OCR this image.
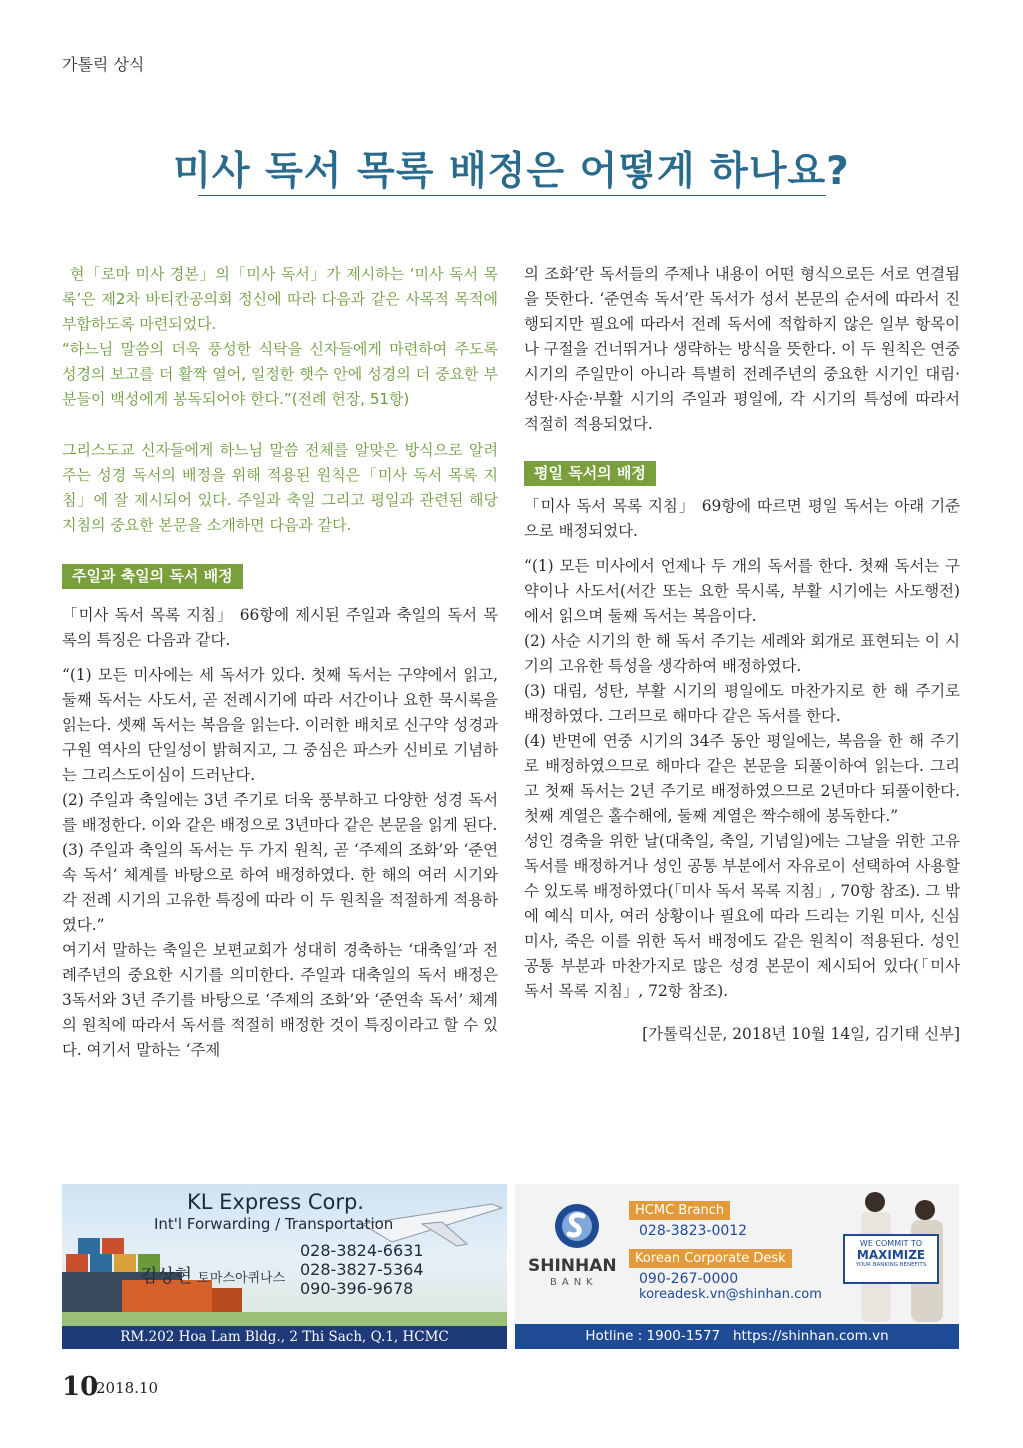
가톨릭 상식
미사 독서 목록 배정은 어떻게 하나요?

현「로마 미사 경본」의「미사 독서」가 제시하는 ‘미사 독서 목록’은 제2차 바티칸공의회 정신에 따라 다음과 같은 사목적 목적에 부합하도록 마련되었다.

“하느님 말씀의 더욱 풍성한 식탁을 신자들에게 마련하여 주도록 성경의 보고를 더 활짝 열어, 일정한 햇수 안에 성경의 더 중요한 부분들이 백성에게 봉독되어야 한다.”(전례 헌장, 51항)

그리스도교 신자들에게 하느님 말씀 전체를 알맞은 방식으로 알려 주는 성경 독서의 배정을 위해 적용된 원칙은「미사 독서 목록 지침」에 잘 제시되어 있다. 주일과 축일 그리고 평일과 관련된 해당 지침의 중요한 본문을 소개하면 다음과 같다.

주일과 축일의 독서 배정

「미사 독서 목록 지침」 66항에 제시된 주일과 축일의 독서 목록의 특징은 다음과 같다.

“(1) 모든 미사에는 세 독서가 있다. 첫째 독서는 구약에서 읽고, 둘째 독서는 사도서, 곧 전례시기에 따라 서간이나 요한 묵시록을 읽는다. 셋째 독서는 복음을 읽는다. 이러한 배치로 신구약 성경과 구원 역사의 단일성이 밝혀지고, 그 중심은 파스카 신비로 기념하는 그리스도이심이 드러난다.

(2) 주일과 축일에는 3년 주기로 더욱 풍부하고 다양한 성경 독서를 배정한다. 이와 같은 배정으로 3년마다 같은 본문을 읽게 된다.

(3) 주일과 축일의 독서는 두 가지 원칙, 곧 ‘주제의 조화’와 ‘준연속 독서’ 체계를 바탕으로 하여 배정하였다. 한 해의 여러 시기와 각 전례 시기의 고유한 특징에 따라 이 두 원칙을 적절하게 적용하였다.”

여기서 말하는 축일은 보편교회가 성대히 경축하는 ‘대축일’과 전례주년의 중요한 시기를 의미한다. 주일과 대축일의 독서 배정은 3독서와 3년 주기를 바탕으로 ‘주제의 조화’와 ‘준연속 독서’ 체계의 원칙에 따라서 독서를 적절히 배정한 것이 특징이라고 할 수 있다. 여기서 말하는 ‘주제

의 조화’란 독서들의 주제나 내용이 어떤 형식으로든 서로 연결됨을 뜻한다. ‘준연속 독서’란 독서가 성서 본문의 순서에 따라서 진행되지만 필요에 따라서 전례 독서에 적합하지 않은 일부 항목이나 구절을 건너뛰거나 생략하는 방식을 뜻한다. 이 두 원칙은 연중 시기의 주일만이 아니라 특별히 전례주년의 중요한 시기인 대림·성탄·사순·부활 시기의 주일과 평일에, 각 시기의 특성에 따라서 적절히 적용되었다.

평일 독서의 배정

「미사 독서 목록 지침」 69항에 따르면 평일 독서는 아래 기준으로 배정되었다.

“(1) 모든 미사에서 언제나 두 개의 독서를 한다. 첫째 독서는 구약이나 사도서(서간 또는 요한 묵시록, 부활 시기에는 사도행전)에서 읽으며 둘째 독서는 복음이다.

(2) 사순 시기의 한 해 독서 주기는 세례와 회개로 표현되는 이 시기의 고유한 특성을 생각하여 배정하였다.

(3) 대림, 성탄, 부활 시기의 평일에도 마찬가지로 한 해 주기로 배정하였다. 그러므로 해마다 같은 독서를 한다.

(4) 반면에 연중 시기의 34주 동안 평일에는, 복음을 한 해 주기로 배정하였으므로 해마다 같은 본문을 되풀이하여 읽는다. 그리고 첫째 독서는 2년 주기로 배정하였으므로 2년마다 되풀이한다. 첫째 계열은 홀수해에, 둘째 계열은 짝수해에 봉독한다.”

성인 경축을 위한 날(대축일, 축일, 기념일)에는 그날을 위한 고유 독서를 배정하거나 성인 공통 부분에서 자유로이 선택하여 사용할 수 있도록 배정하였다(「미사 독서 목록 지침」, 70항 참조). 그 밖에 예식 미사, 여러 상황이나 필요에 따라 드리는 기원 미사, 신심 미사, 죽은 이를 위한 독서 배정에도 같은 원칙이 적용된다. 성인 공통 부분과 마찬가지로 많은 성경 본문이 제시되어 있다(「미사 독서 목록 지침」, 72항 참조).

[가톨릭신문, 2018년 10월 14일, 김기태 신부]

KL Express Corp.
Int'l Forwarding / Transportation
김상현 토마스아퀴나스
028-3824-6631
028-3827-5364
090-396-9678
RM.202 Hoa Lam Bldg., 2 Thi Sach, Q.1, HCMC
SHINHAN
BANK
HCMC Branch
028-3823-0012
Korean Corporate Desk
090-267-0000
koreadesk.vn@shinhan.com
WE COMMIT TO
MAXIMIZE
YOUR BANKING BENEFITS
Hotline : 1900-1577   https://shinhan.com.vn
10
2018.10
